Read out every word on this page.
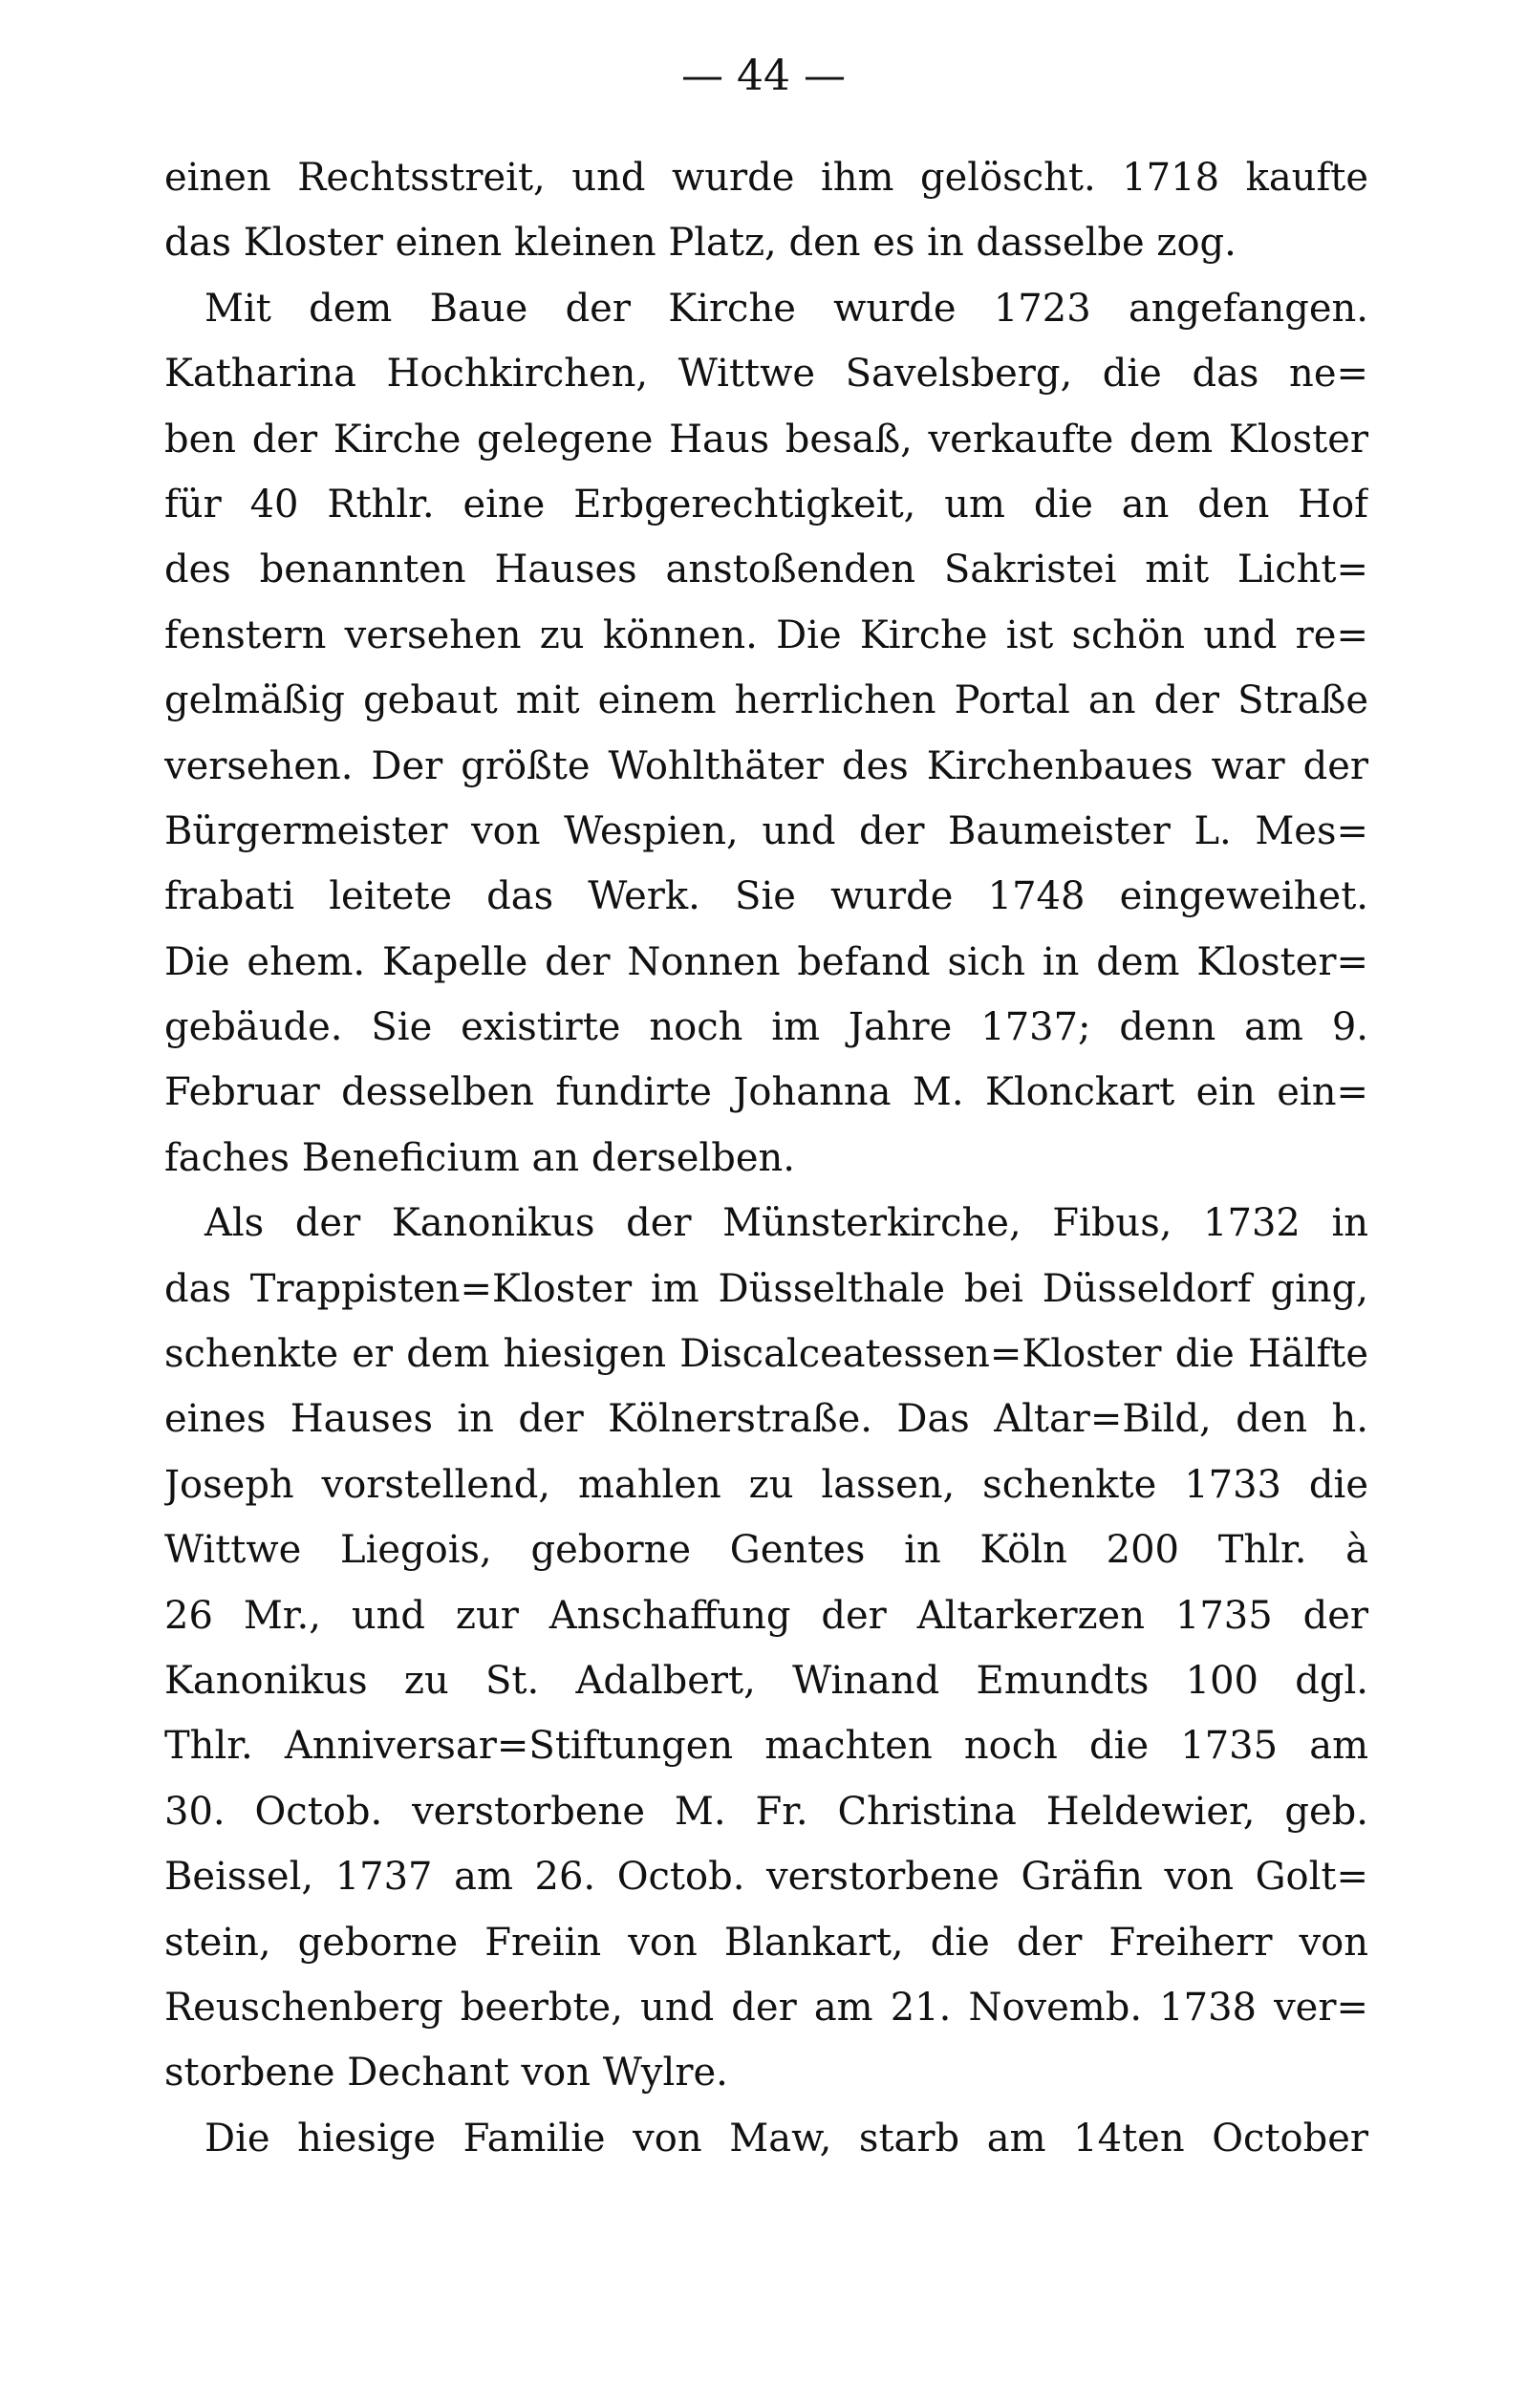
— 44 —
einen Rechtsstreit, und wurde ihm gelöscht. 1718 kaufte
das Kloster einen kleinen Platz, den es in dasselbe zog.
Mit dem Baue der Kirche wurde 1723 angefangen.
Katharina Hochkirchen, Wittwe Savelsberg, die das ne=
ben der Kirche gelegene Haus besaß, verkaufte dem Kloster
für 40 Rthlr. eine Erbgerechtigkeit, um die an den Hof
des benannten Hauses anstoßenden Sakristei mit Licht=
fenstern versehen zu können. Die Kirche ist schön und re=
gelmäßig gebaut mit einem herrlichen Portal an der Straße
versehen. Der größte Wohlthäter des Kirchenbaues war der
Bürgermeister von Wespien, und der Baumeister L. Mes=
frabati leitete das Werk. Sie wurde 1748 eingeweihet.
Die ehem. Kapelle der Nonnen befand sich in dem Kloster=
gebäude. Sie existirte noch im Jahre 1737; denn am 9.
Februar desselben fundirte Johanna M. Klonckart ein ein=
faches Beneficium an derselben.
Als der Kanonikus der Münsterkirche, Fibus, 1732 in
das Trappisten=Kloster im Düsselthale bei Düsseldorf ging,
schenkte er dem hiesigen Discalceatessen=Kloster die Hälfte
eines Hauses in der Kölnerstraße. Das Altar=Bild, den h.
Joseph vorstellend, mahlen zu lassen, schenkte 1733 die
Wittwe Liegois, geborne Gentes in Köln 200 Thlr. à
26 Mr., und zur Anschaffung der Altarkerzen 1735 der
Kanonikus zu St. Adalbert, Winand Emundts 100 dgl.
Thlr. Anniversar=Stiftungen machten noch die 1735 am
30. Octob. verstorbene M. Fr. Christina Heldewier, geb.
Beissel, 1737 am 26. Octob. verstorbene Gräfin von Golt=
stein, geborne Freiin von Blankart, die der Freiherr von
Reuschenberg beerbte, und der am 21. Novemb. 1738 ver=
storbene Dechant von Wylre.
Die hiesige Familie von Maw, starb am 14ten October
